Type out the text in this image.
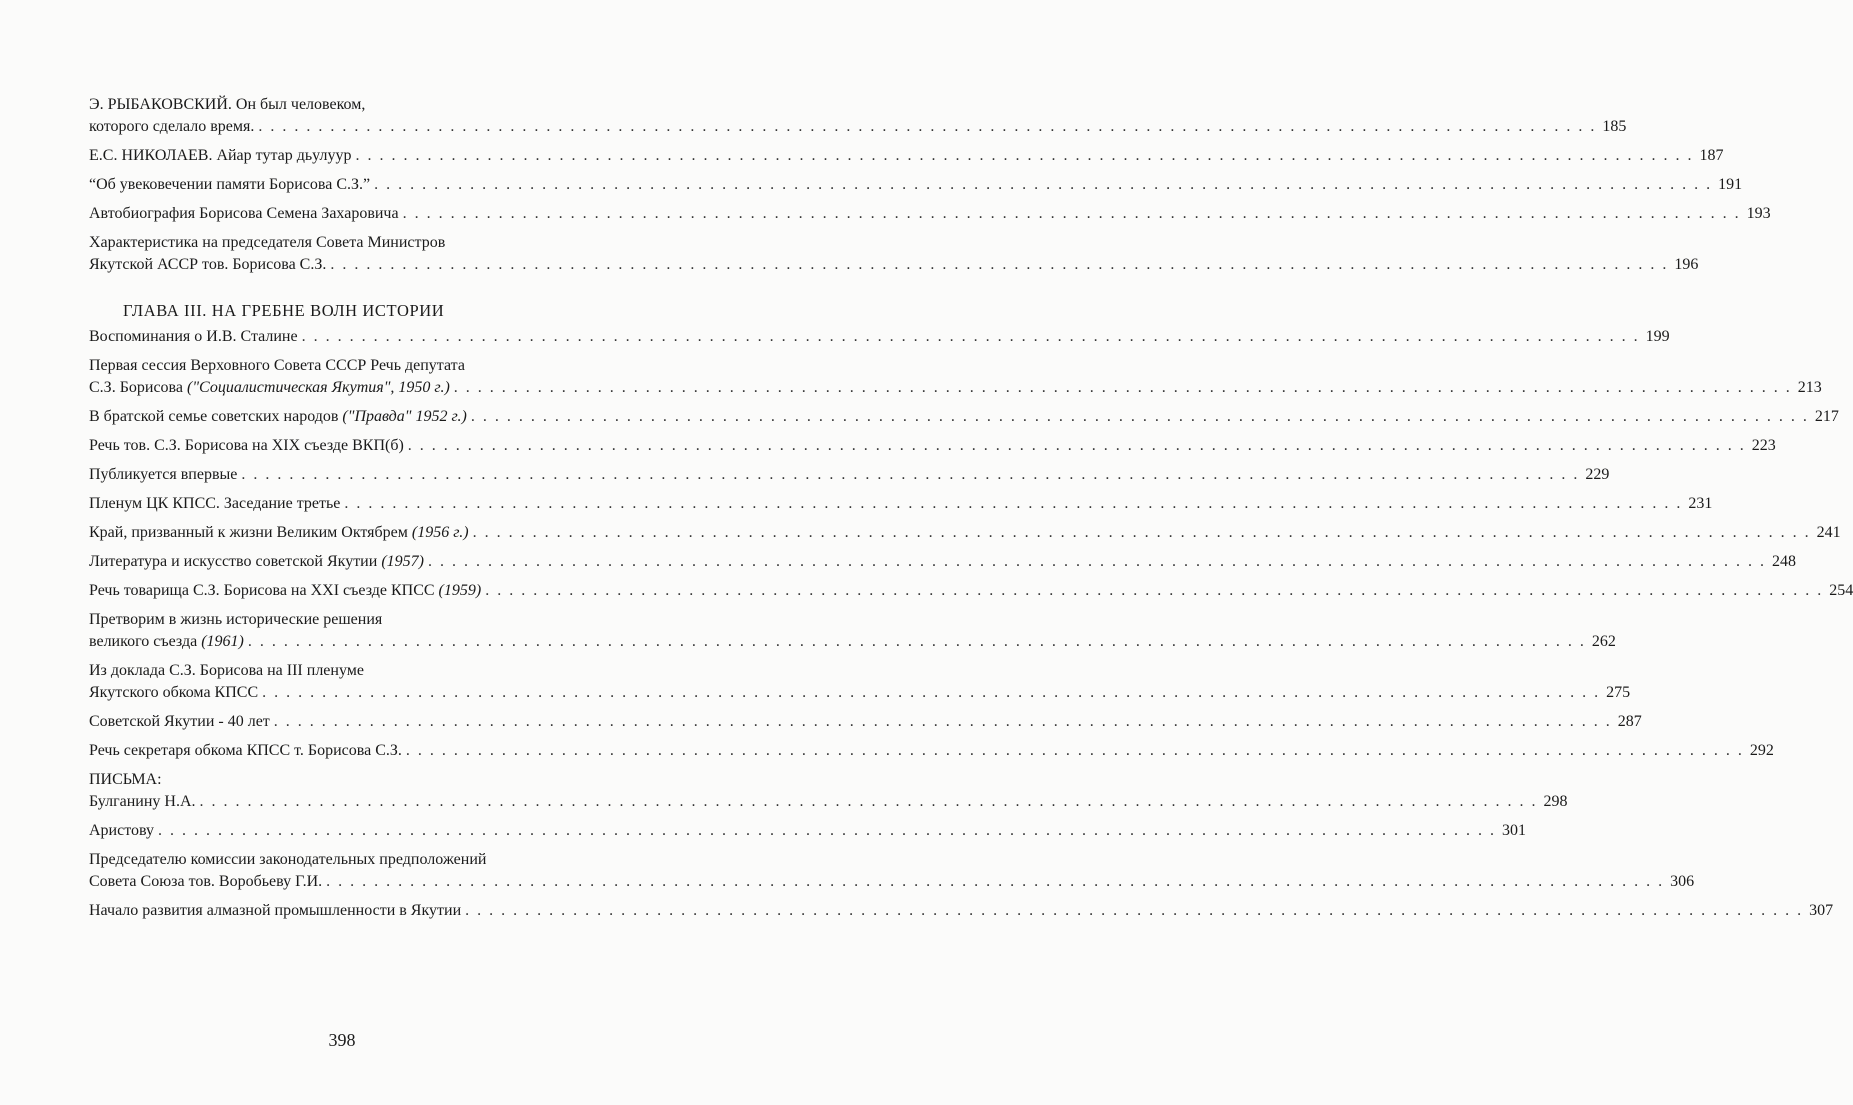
Э. РЫБАКОВСКИЙ. Он был человеком,
которого сделало время. . . . . . . . . . . . . . . . . . . . . . . . . . . . . . . . . . . . . . . . . . . . . . . . . . . . . . . . . . . . . . . . . . . . . . . . . . . . . . . . . . . . . . . . . . . . . . . . . . . . . . . . . . . . . . . . . 185
Е.С. НИКОЛАЕВ. Айар тутар дьулуур . . . . . . . . . . . . . . . . . . . . . . . . . . . . . . . . . . . . . . . . . . . . . . . . . . . . . . . . . . . . . . . . . . . . . . . . . . . . . . . . . . . . . . . . . . . . . . . . . . . . . . . . . . . . . . . . 187
“Об увековечении памяти Борисова С.З.” . . . . . . . . . . . . . . . . . . . . . . . . . . . . . . . . . . . . . . . . . . . . . . . . . . . . . . . . . . . . . . . . . . . . . . . . . . . . . . . . . . . . . . . . . . . . . . . . . . . . . . . . . . . . . . . . 191
Автобиография Борисова Семена Захаровича . . . . . . . . . . . . . . . . . . . . . . . . . . . . . . . . . . . . . . . . . . . . . . . . . . . . . . . . . . . . . . . . . . . . . . . . . . . . . . . . . . . . . . . . . . . . . . . . . . . . . . . . . . . . . . . . 193
Характеристика на председателя Совета Министров
Якутской АССР тов. Борисова С.З. . . . . . . . . . . . . . . . . . . . . . . . . . . . . . . . . . . . . . . . . . . . . . . . . . . . . . . . . . . . . . . . . . . . . . . . . . . . . . . . . . . . . . . . . . . . . . . . . . . . . . . . . . . . . . . . . 196
ГЛАВА III. НА ГРЕБНЕ ВОЛН ИСТОРИИ
Воспоминания о И.В. Сталине . . . . . . . . . . . . . . . . . . . . . . . . . . . . . . . . . . . . . . . . . . . . . . . . . . . . . . . . . . . . . . . . . . . . . . . . . . . . . . . . . . . . . . . . . . . . . . . . . . . . . . . . . . . . . . . . 199
Первая сессия Верховного Совета СССР Речь депутата
С.З. Борисова ("Социалистическая Якутия", 1950 г.) . . . . . . . . . . . . . . . . . . . . . . . . . . . . . . . . . . . . . . . . . . . . . . . . . . . . . . . . . . . . . . . . . . . . . . . . . . . . . . . . . . . . . . . . . . . . . . . . . . . . . . . . . . . . . . . . 213
В братской семье советских народов ("Правда" 1952 г.) . . . . . . . . . . . . . . . . . . . . . . . . . . . . . . . . . . . . . . . . . . . . . . . . . . . . . . . . . . . . . . . . . . . . . . . . . . . . . . . . . . . . . . . . . . . . . . . . . . . . . . . . . . . . . . . . 217
Речь тов. С.З. Борисова на XIX съезде ВКП(б) . . . . . . . . . . . . . . . . . . . . . . . . . . . . . . . . . . . . . . . . . . . . . . . . . . . . . . . . . . . . . . . . . . . . . . . . . . . . . . . . . . . . . . . . . . . . . . . . . . . . . . . . . . . . . . . . 223
Публикуется впервые . . . . . . . . . . . . . . . . . . . . . . . . . . . . . . . . . . . . . . . . . . . . . . . . . . . . . . . . . . . . . . . . . . . . . . . . . . . . . . . . . . . . . . . . . . . . . . . . . . . . . . . . . . . . . . . . 229
Пленум ЦК КПСС. Заседание третье . . . . . . . . . . . . . . . . . . . . . . . . . . . . . . . . . . . . . . . . . . . . . . . . . . . . . . . . . . . . . . . . . . . . . . . . . . . . . . . . . . . . . . . . . . . . . . . . . . . . . . . . . . . . . . . . 231
Край, призванный к жизни Великим Октябрем (1956 г.) . . . . . . . . . . . . . . . . . . . . . . . . . . . . . . . . . . . . . . . . . . . . . . . . . . . . . . . . . . . . . . . . . . . . . . . . . . . . . . . . . . . . . . . . . . . . . . . . . . . . . . . . . . . . . . . . 241
Литература и искусство советской Якутии (1957) . . . . . . . . . . . . . . . . . . . . . . . . . . . . . . . . . . . . . . . . . . . . . . . . . . . . . . . . . . . . . . . . . . . . . . . . . . . . . . . . . . . . . . . . . . . . . . . . . . . . . . . . . . . . . . . . 248
Речь товарища С.З. Борисова на XXI съезде КПСС (1959) . . . . . . . . . . . . . . . . . . . . . . . . . . . . . . . . . . . . . . . . . . . . . . . . . . . . . . . . . . . . . . . . . . . . . . . . . . . . . . . . . . . . . . . . . . . . . . . . . . . . . . . . . . . . . . . . 254
Претворим в жизнь исторические решения
великого съезда (1961) . . . . . . . . . . . . . . . . . . . . . . . . . . . . . . . . . . . . . . . . . . . . . . . . . . . . . . . . . . . . . . . . . . . . . . . . . . . . . . . . . . . . . . . . . . . . . . . . . . . . . . . . . . . . . . . . 262
Из доклада С.З. Борисова на III пленуме
Якутского обкома КПСС . . . . . . . . . . . . . . . . . . . . . . . . . . . . . . . . . . . . . . . . . . . . . . . . . . . . . . . . . . . . . . . . . . . . . . . . . . . . . . . . . . . . . . . . . . . . . . . . . . . . . . . . . . . . . . . . 275
Советской Якутии - 40 лет . . . . . . . . . . . . . . . . . . . . . . . . . . . . . . . . . . . . . . . . . . . . . . . . . . . . . . . . . . . . . . . . . . . . . . . . . . . . . . . . . . . . . . . . . . . . . . . . . . . . . . . . . . . . . . . . 287
Речь секретаря обкома КПСС т. Борисова С.З. . . . . . . . . . . . . . . . . . . . . . . . . . . . . . . . . . . . . . . . . . . . . . . . . . . . . . . . . . . . . . . . . . . . . . . . . . . . . . . . . . . . . . . . . . . . . . . . . . . . . . . . . . . . . . . . . 292
ПИСЬМА:
Булганину Н.А. . . . . . . . . . . . . . . . . . . . . . . . . . . . . . . . . . . . . . . . . . . . . . . . . . . . . . . . . . . . . . . . . . . . . . . . . . . . . . . . . . . . . . . . . . . . . . . . . . . . . . . . . . . . . . . . . 298
Аристову . . . . . . . . . . . . . . . . . . . . . . . . . . . . . . . . . . . . . . . . . . . . . . . . . . . . . . . . . . . . . . . . . . . . . . . . . . . . . . . . . . . . . . . . . . . . . . . . . . . . . . . . . . . . . . . . 301
Председателю комиссии законодательных предположений
Совета Союза тов. Воробьеву Г.И. . . . . . . . . . . . . . . . . . . . . . . . . . . . . . . . . . . . . . . . . . . . . . . . . . . . . . . . . . . . . . . . . . . . . . . . . . . . . . . . . . . . . . . . . . . . . . . . . . . . . . . . . . . . . . . . . 306
Начало развития алмазной промышленности в Якутии . . . . . . . . . . . . . . . . . . . . . . . . . . . . . . . . . . . . . . . . . . . . . . . . . . . . . . . . . . . . . . . . . . . . . . . . . . . . . . . . . . . . . . . . . . . . . . . . . . . . . . . . . . . . . . . . 307
398
